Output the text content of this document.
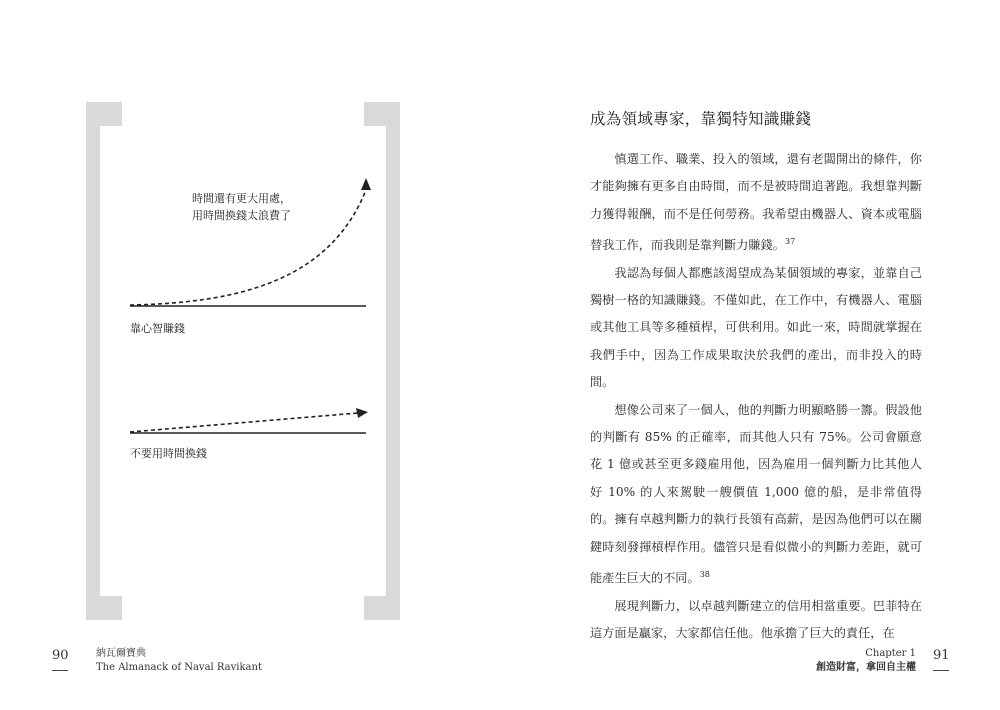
時間還有更大用處，
用時間換錢太浪費了
靠心智賺錢
不要用時間換錢
成為領域專家，靠獨特知識賺錢

慎選工作、職業、投入的領域，還有老闆開出的條件，你才能夠擁有更多自由時間，而不是被時間追著跑。我想靠判斷力獲得報酬，而不是任何勞務。我希望由機器人、資本或電腦替我工作，而我則是靠判斷力賺錢。$^{37}$

我認為每個人都應該渴望成為某個領域的專家，並靠自己獨樹一格的知識賺錢。不僅如此，在工作中，有機器人、電腦或其他工具等多種槓桿，可供利用。如此一來，時間就掌握在我們手中，因為工作成果取決於我們的產出，而非投入的時間。

想像公司來了一個人，他的判斷力明顯略勝一籌。假設他的判斷有 85% 的正確率，而其他人只有 75%。公司會願意花 1 億或甚至更多錢雇用他，因為雇用一個判斷力比其他人好 10% 的人來駕駛一艘價值 1,000 億的船，是非常值得的。擁有卓越判斷力的執行長領有高薪，是因為他們可以在關鍵時刻發揮槓桿作用。儘管只是看似微小的判斷力差距，就可能產生巨大的不同。$^{38}$

展現判斷力，以卓越判斷建立的信用相當重要。巴菲特在這方面是贏家，大家都信任他。他承擔了巨大的責任，在

90	納瓦爾寶典
The Almanack of Naval Ravikant
Chapter 1
創造財富，拿回自主權
91
